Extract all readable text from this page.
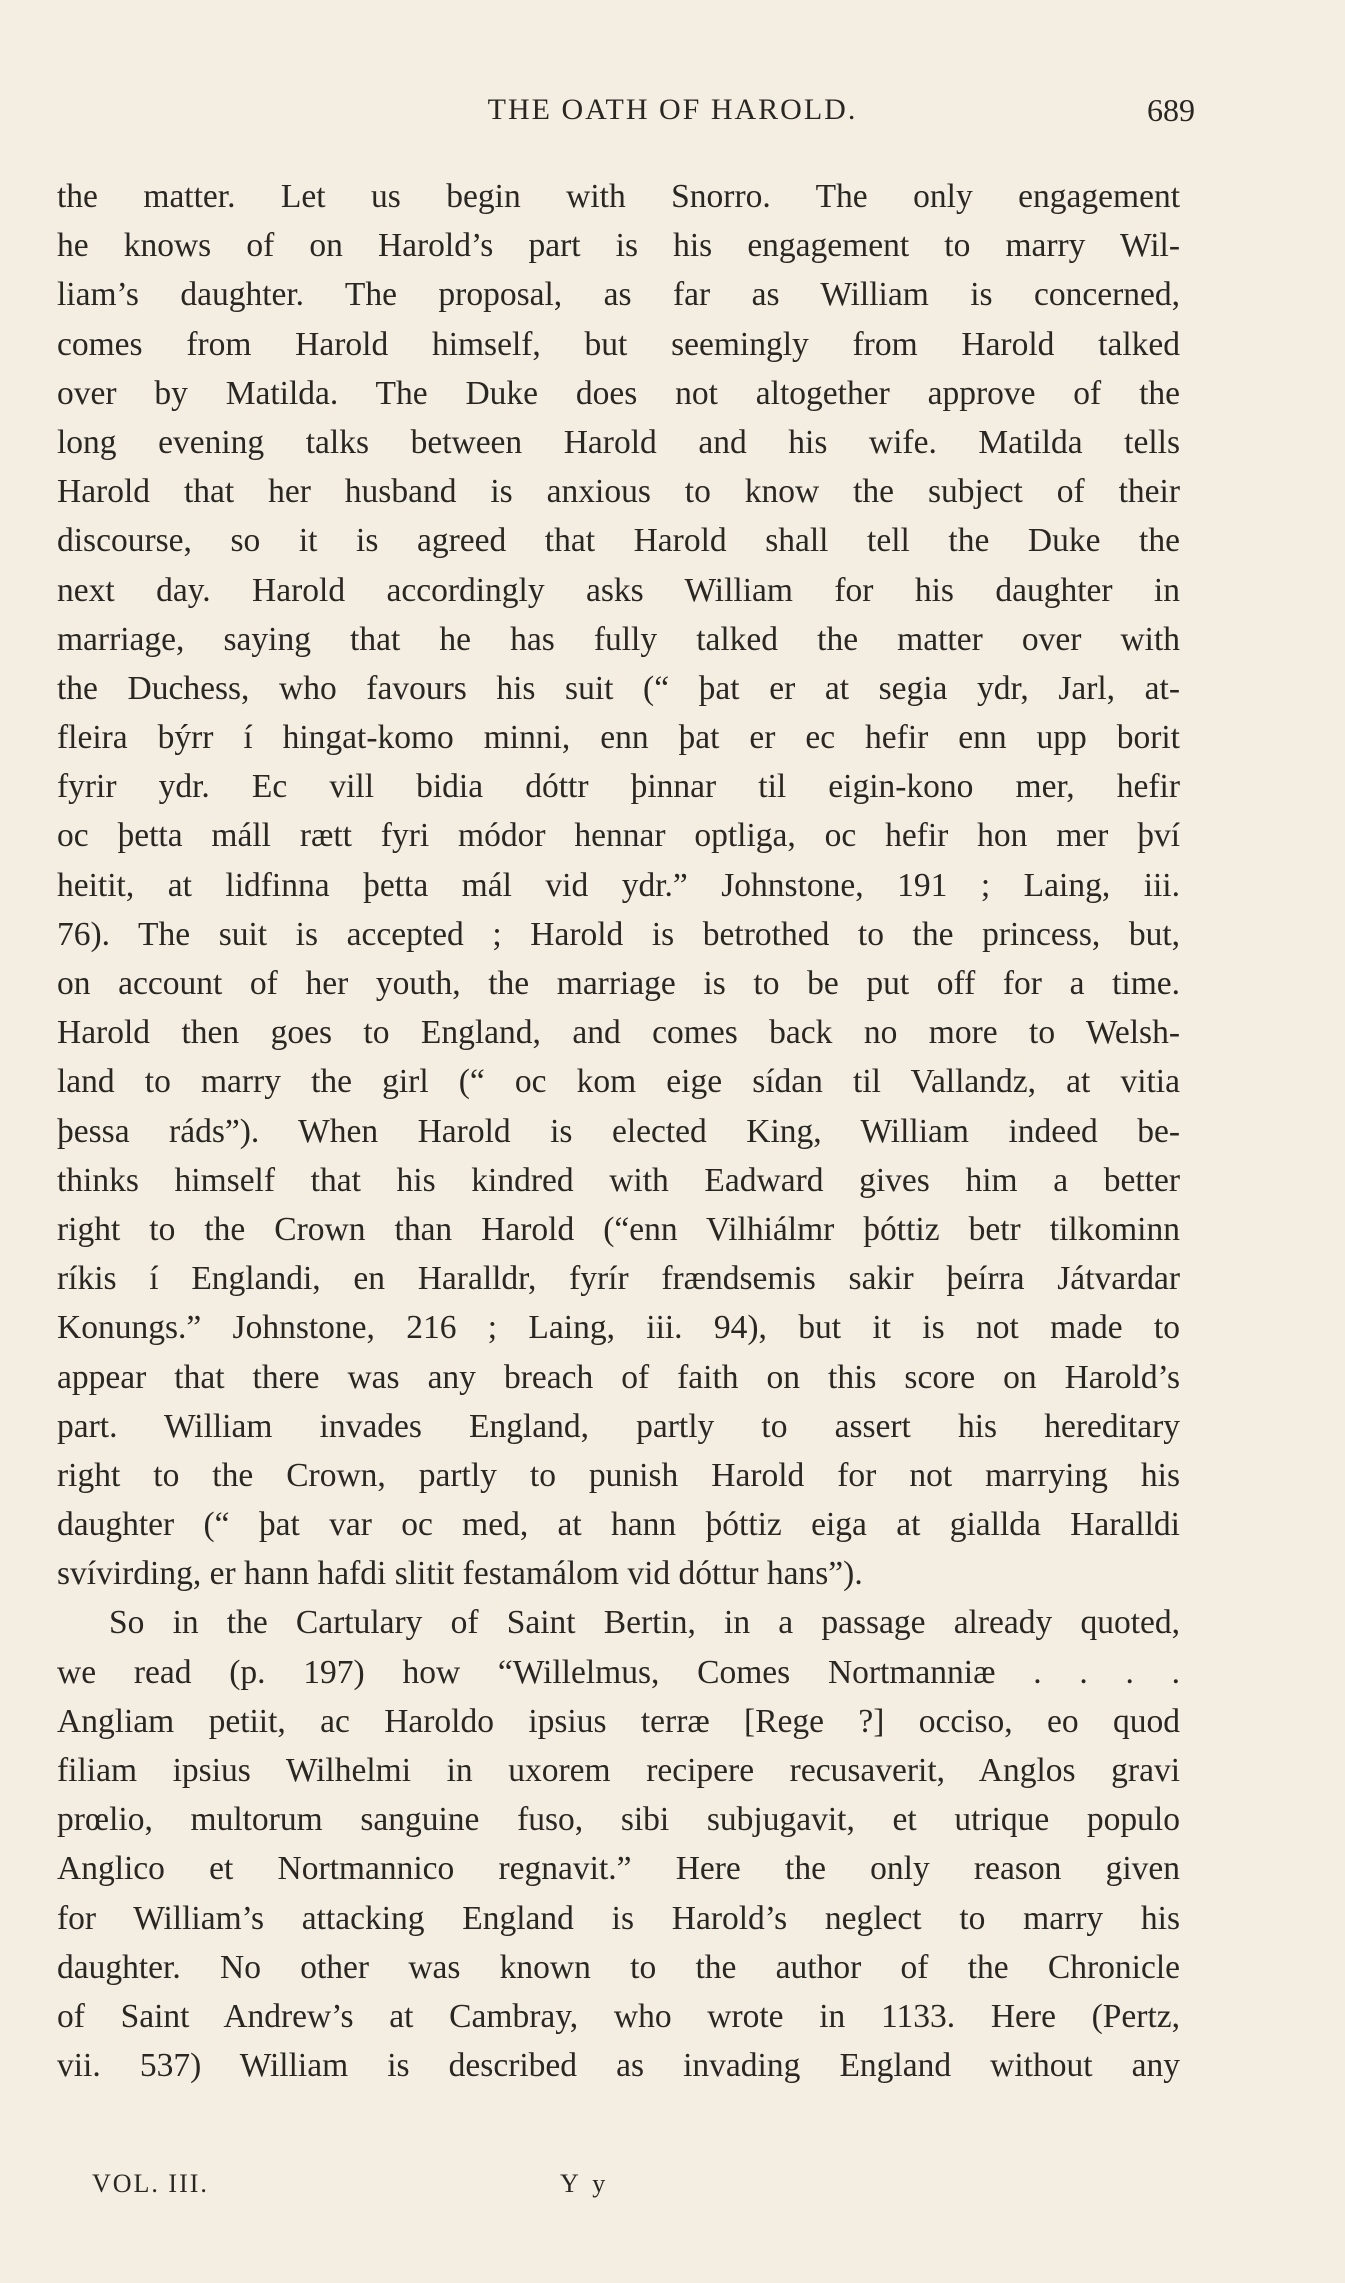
THE OATH OF HAROLD.	689
the matter. Let us begin with Snorro. The only engagement
he knows of on Harold’s part is his engagement to marry Wil-
liam’s daughter. The proposal, as far as William is concerned,
comes from Harold himself, but seemingly from Harold talked
over by Matilda. The Duke does not altogether approve of the
long evening talks between Harold and his wife. Matilda tells
Harold that her husband is anxious to know the subject of their
discourse, so it is agreed that Harold shall tell the Duke the
next day. Harold accordingly asks William for his daughter in
marriage, saying that he has fully talked the matter over with
the Duchess, who favours his suit (“ þat er at segia ydr, Jarl, at-
fleira býrr í hingat-komo minni, enn þat er ec hefir enn upp borit
fyrir ydr. Ec vill bidia dóttr þinnar til eigin-kono mer, hefir
oc þetta máll rætt fyri módor hennar optliga, oc hefir hon mer því
heitit, at lidfinna þetta mál vid ydr.” Johnstone, 191 ; Laing, iii.
76). The suit is accepted ; Harold is betrothed to the princess, but,
on account of her youth, the marriage is to be put off for a time.
Harold then goes to England, and comes back no more to Welsh-
land to marry the girl (“ oc kom eige sídan til Vallandz, at vitia
þessa ráds”). When Harold is elected King, William indeed be-
thinks himself that his kindred with Eadward gives him a better
right to the Crown than Harold (“enn Vilhiálmr þóttiz betr tilkominn
ríkis í Englandi, en Haralldr, fyrír frændsemis sakir þeírra Játvardar
Konungs.” Johnstone, 216 ; Laing, iii. 94), but it is not made to
appear that there was any breach of faith on this score on Harold’s
part. William invades England, partly to assert his hereditary
right to the Crown, partly to punish Harold for not marrying his
daughter (“ þat var oc med, at hann þóttiz eiga at giallda Haralldi
svívirding, er hann hafdi slitit festamálom vid dóttur hans”).
So in the Cartulary of Saint Bertin, in a passage already quoted,
we read (p. 197) how “Willelmus, Comes Nortmanniæ . . . .
Angliam petiit, ac Haroldo ipsius terræ [Rege ?] occiso, eo quod
filiam ipsius Wilhelmi in uxorem recipere recusaverit, Anglos gravi
prœlio, multorum sanguine fuso, sibi subjugavit, et utrique populo
Anglico et Nortmannico regnavit.” Here the only reason given
for William’s attacking England is Harold’s neglect to marry his
daughter. No other was known to the author of the Chronicle
of Saint Andrew’s at Cambray, who wrote in 1133. Here (Pertz,
vii. 537) William is described as invading England without any
VOL. III.	Y y
